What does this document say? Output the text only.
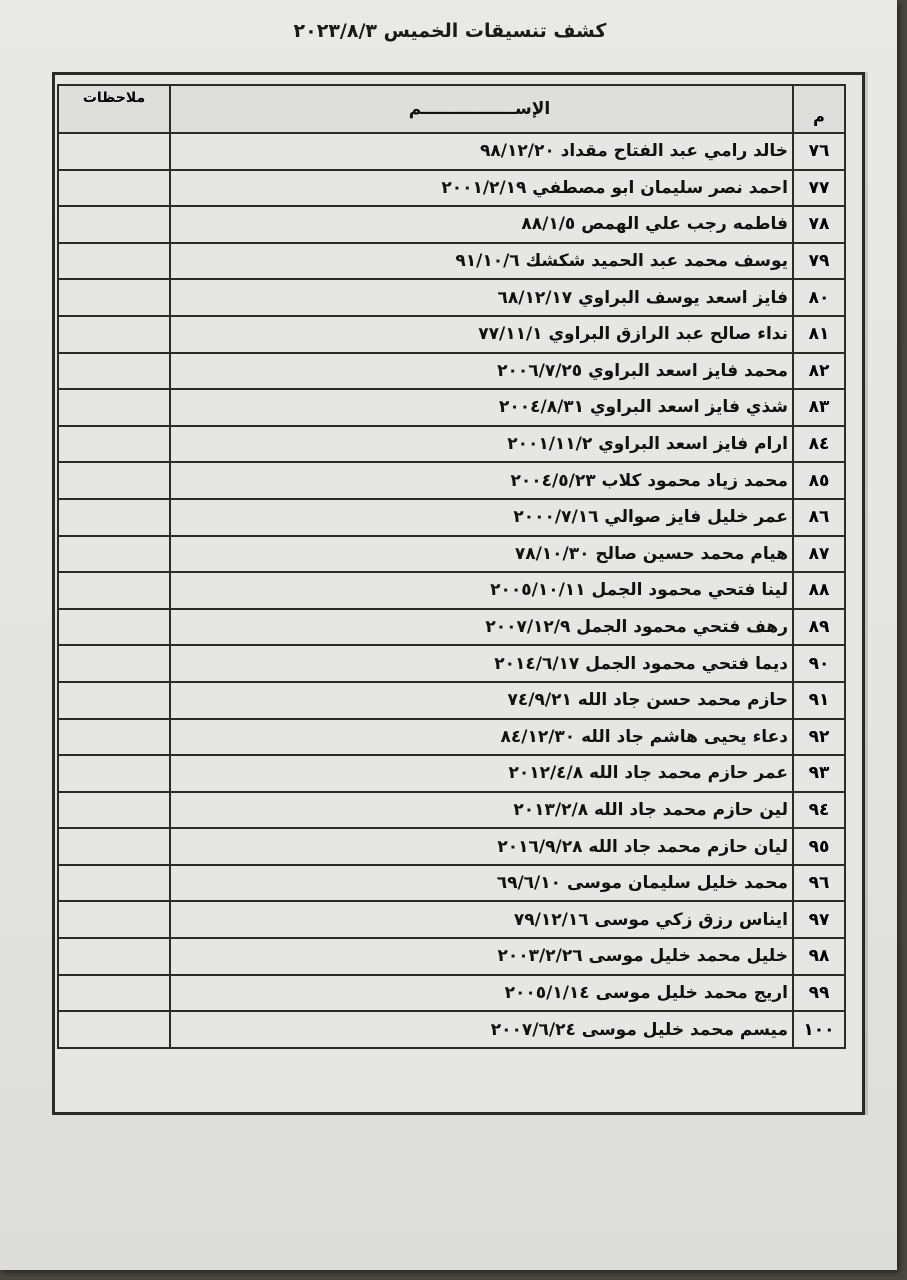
كشف تنسيقات الخميس ٢٠٢٣/٨/٣
م	الإســــــــــــــــم	ملاحظات
٧٦	خالد رامي عبد الفتاح مقداد ٩٨/١٢/٢٠	
٧٧	احمد نصر سليمان ابو مصطفي ٢٠٠١/٢/١٩	
٧٨	فاطمه رجب علي الهمص ٨٨/١/٥	
٧٩	يوسف محمد عبد الحميد شكشك ٩١/١٠/٦	
٨٠	فايز اسعد يوسف البراوي ٦٨/١٢/١٧	
٨١	نداء صالح عبد الرازق البراوي ٧٧/١١/١	
٨٢	محمد فايز اسعد البراوي ٢٠٠٦/٧/٢٥	
٨٣	شذي فايز اسعد البراوي ٢٠٠٤/٨/٣١	
٨٤	ارام فايز اسعد البراوي ٢٠٠١/١١/٢	
٨٥	محمد زياد محمود كلاب ٢٠٠٤/٥/٢٣	
٨٦	عمر خليل فايز صوالي ٢٠٠٠/٧/١٦	
٨٧	هيام محمد حسين صالح ٧٨/١٠/٣٠	
٨٨	لينا فتحي محمود الجمل ٢٠٠٥/١٠/١١	
٨٩	رهف فتحي محمود الجمل ٢٠٠٧/١٢/٩	
٩٠	ديما فتحي محمود الجمل ٢٠١٤/٦/١٧	
٩١	حازم محمد حسن جاد الله ٧٤/٩/٢١	
٩٢	دعاء يحيى هاشم جاد الله ٨٤/١٢/٣٠	
٩٣	عمر حازم محمد جاد الله ٢٠١٢/٤/٨	
٩٤	لين حازم محمد جاد الله ٢٠١٣/٢/٨	
٩٥	ليان حازم محمد جاد الله ٢٠١٦/٩/٢٨	
٩٦	محمد خليل سليمان موسى ٦٩/٦/١٠	
٩٧	ايناس رزق زكي موسى ٧٩/١٢/١٦	
٩٨	خليل محمد خليل موسى ٢٠٠٣/٢/٢٦	
٩٩	اريج محمد خليل موسى ٢٠٠٥/١/١٤	
١٠٠	ميسم محمد خليل موسى ٢٠٠٧/٦/٢٤	
